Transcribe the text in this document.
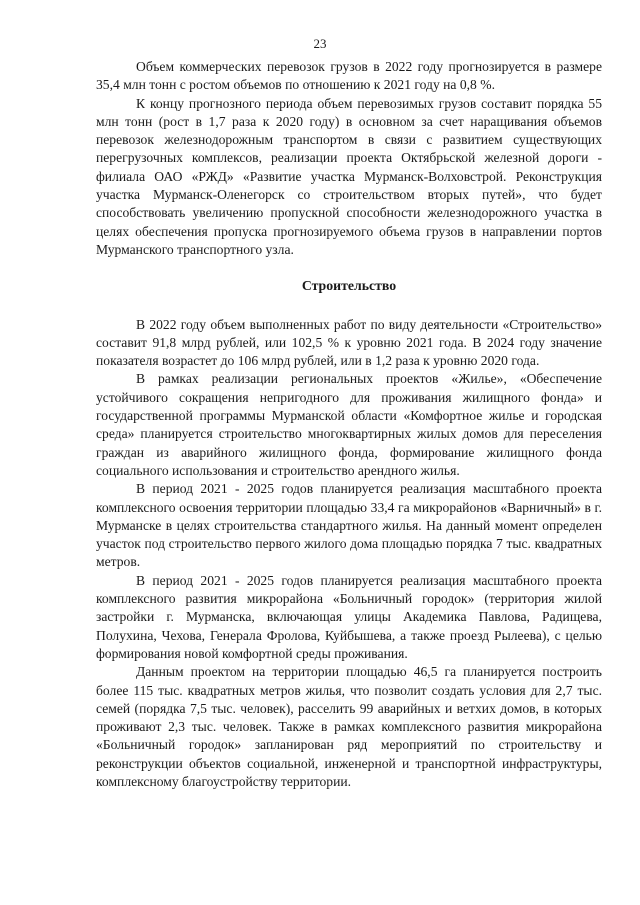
23

Объем коммерческих перевозок грузов в 2022 году прогнозируется в размере 35,4 млн тонн с ростом объемов по отношению к 2021 году на 0,8 %.

К концу прогнозного периода объем перевозимых грузов составит порядка 55 млн тонн (рост в 1,7 раза к 2020 году) в основном за счет наращивания объемов перевозок железнодорожным транспортом в связи с развитием существующих перегрузочных комплексов, реализации проекта Октябрьской железной дороги - филиала ОАО «РЖД» «Развитие участка Мурманск-Волховстрой. Реконструкция участка Мурманск-Оленегорск со строительством вторых путей», что будет способствовать увеличению пропускной способности железнодорожного участка в целях обеспечения пропуска прогнозируемого объема грузов в направлении портов Мурманского транспортного узла.

Строительство

В 2022 году объем выполненных работ по виду деятельности «Строительство» составит 91,8 млрд рублей, или 102,5 % к уровню 2021 года. В 2024 году значение показателя возрастет до 106 млрд рублей, или в 1,2 раза к уровню 2020 года.

В рамках реализации региональных проектов «Жилье», «Обеспечение устойчивого сокращения непригодного для проживания жилищного фонда» и государственной программы Мурманской области «Комфортное жилье и городская среда» планируется строительство многоквартирных жилых домов для переселения граждан из аварийного жилищного фонда, формирование жилищного фонда социального использования и строительство арендного жилья.

В период 2021 - 2025 годов планируется реализация масштабного проекта комплексного освоения территории площадью 33,4 га микрорайонов «Варничный» в г. Мурманске в целях строительства стандартного жилья. На данный момент определен участок под строительство первого жилого дома площадью порядка 7 тыс. квадратных метров.

В период 2021 - 2025 годов планируется реализация масштабного проекта комплексного развития микрорайона «Больничный городок» (территория жилой застройки г. Мурманска, включающая улицы Академика Павлова, Радищева, Полухина, Чехова, Генерала Фролова, Куйбышева, а также проезд Рылеева), с целью формирования новой комфортной среды проживания.

Данным проектом на территории площадью 46,5 га планируется построить более 115 тыс. квадратных метров жилья, что позволит создать условия для 2,7 тыс. семей (порядка 7,5 тыс. человек), расселить 99 аварийных и ветхих домов, в которых проживают 2,3 тыс. человек. Также в рамках комплексного развития микрорайона «Больничный городок» запланирован ряд мероприятий по строительству и реконструкции объектов социальной, инженерной и транспортной инфраструктуры, комплексному благоустройству территории.
